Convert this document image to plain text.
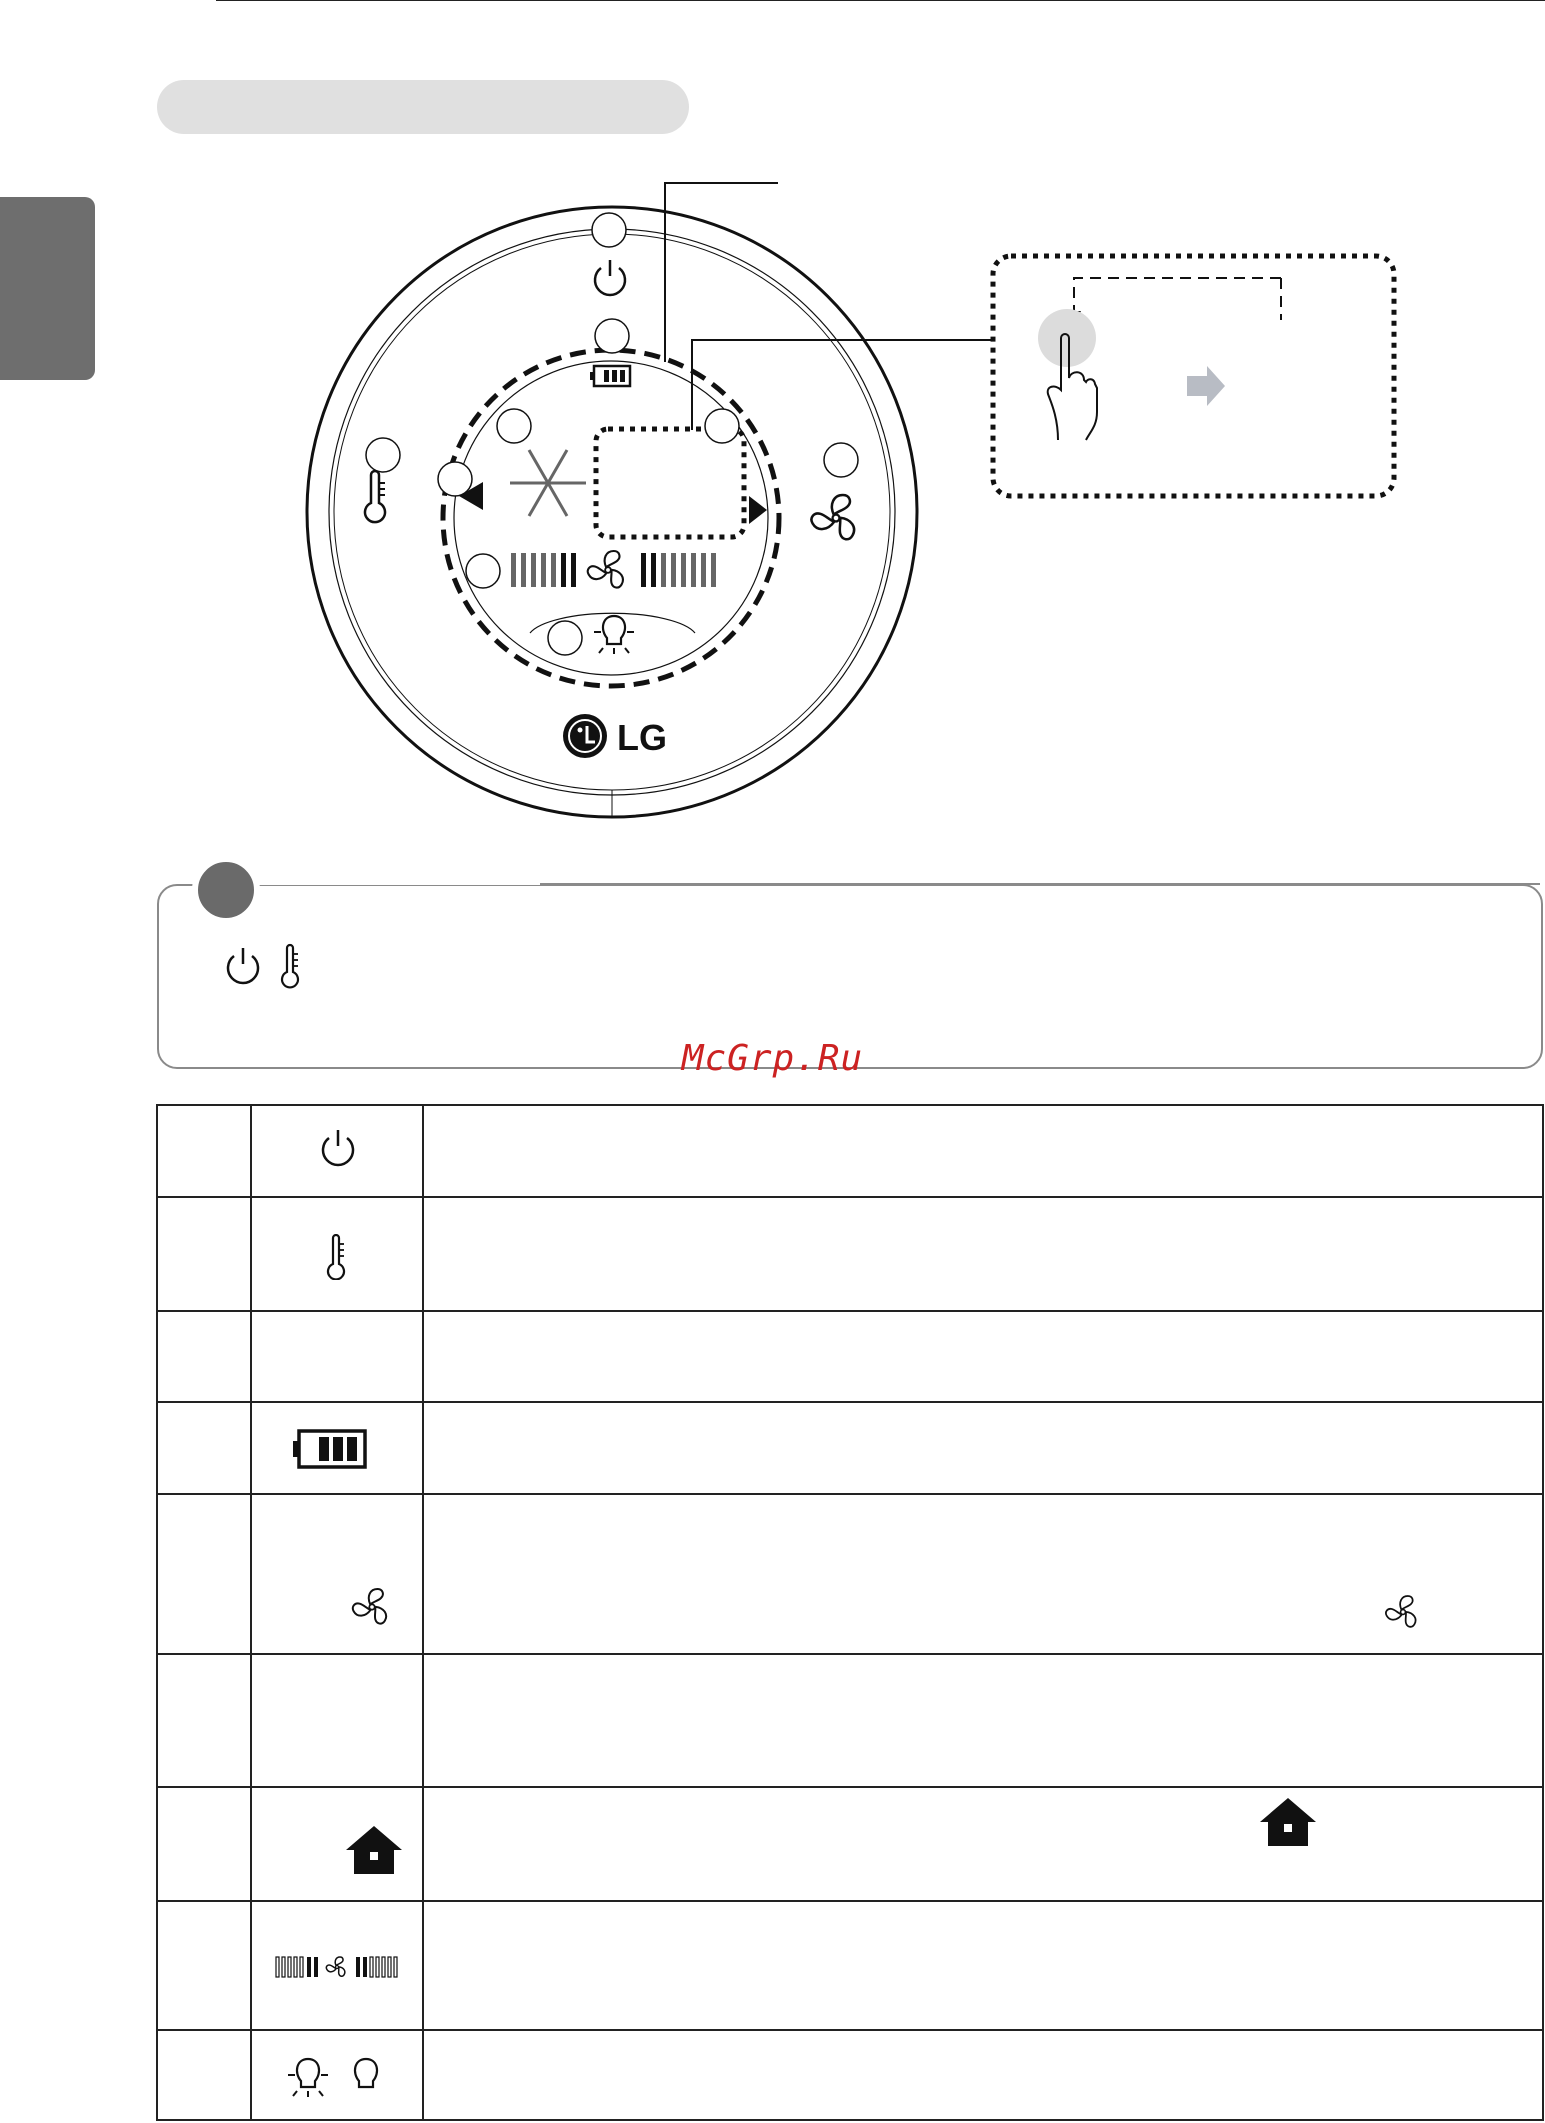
LG
McGrp.Ru
